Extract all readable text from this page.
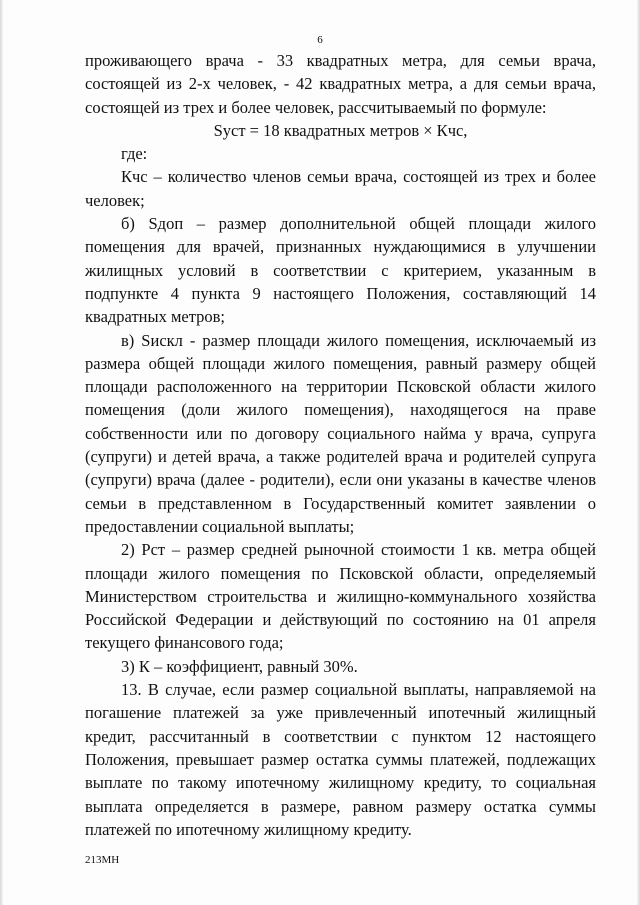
6

проживающего врача - 33 квадратных метра, для семьи врача, состоящей из 2-х человек, - 42 квадратных метра, а для семьи врача, состоящей из трех и более человек, рассчитываемый по формуле:

Sуст = 18 квадратных метров × Кчс,

где:

Кчс – количество членов семьи врача, состоящей из трех и более человек;

б) Sдоп – размер дополнительной общей площади жилого помещения для врачей, признанных нуждающимися в улучшении жилищных условий в соответствии с критерием, указанным в подпункте 4 пункта 9 настоящего Положения, составляющий 14 квадратных метров;

в) Sискл - размер площади жилого помещения, исключаемый из размера общей площади жилого помещения, равный размеру общей площади расположенного на территории Псковской области жилого помещения (доли жилого помещения), находящегося на праве собственности или по договору социального найма у врача, супруга (супруги) и детей врача, а также родителей врача и родителей супруга (супруги) врача (далее - родители), если они указаны в качестве членов семьи в представленном в Государственный комитет заявлении о предоставлении социальной выплаты;

2) Рст – размер средней рыночной стоимости 1 кв. метра общей площади жилого помещения по Псковской области, определяемый Министерством строительства и жилищно-коммунального хозяйства Российской Федерации и действующий по состоянию на 01 апреля текущего финансового года;

3) К – коэффициент, равный 30%.

13. В случае, если размер социальной выплаты, направляемой на погашение платежей за уже привлеченный ипотечный жилищный кредит, рассчитанный в соответствии с пунктом 12 настоящего Положения, превышает размер остатка суммы платежей, подлежащих выплате по такому ипотечному жилищному кредиту, то социальная выплата определяется в размере, равном размеру остатка суммы платежей по ипотечному жилищному кредиту.

213МН
